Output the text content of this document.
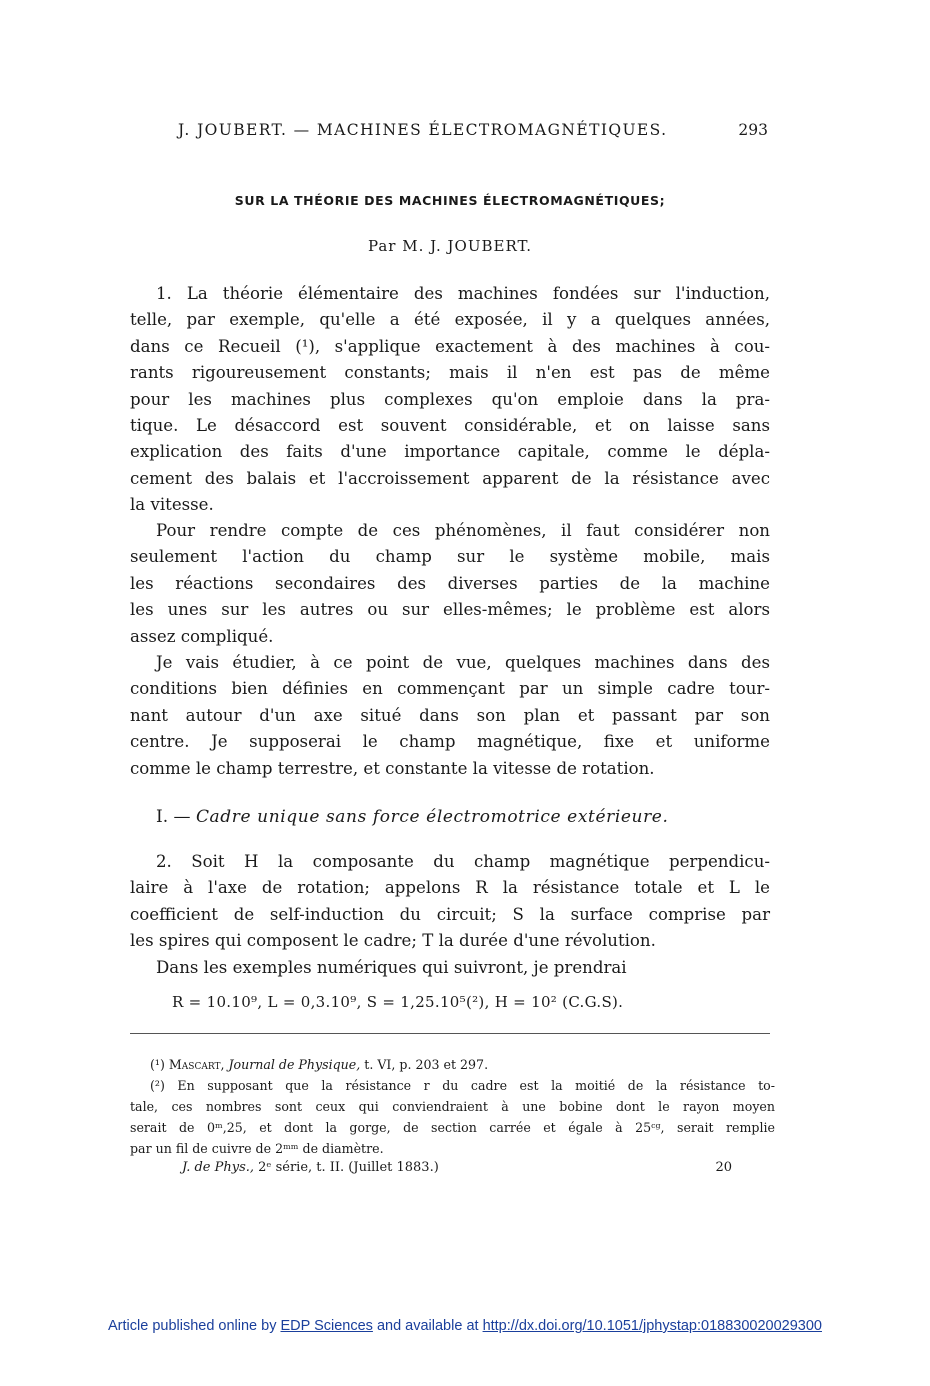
J. JOUBERT. — MACHINES ÉLECTROMAGNÉTIQUES.	293
SUR LA THÉORIE DES MACHINES ÉLECTROMAGNÉTIQUES;
Par M. J. JOUBERT.
1. La théorie élémentaire des machines fondées sur l'induction,
telle, par exemple, qu'elle a été exposée, il y a quelques années,
dans ce Recueil (¹), s'applique exactement à des machines à cou-
rants rigoureusement constants; mais il n'en est pas de même
pour les machines plus complexes qu'on emploie dans la pra-
tique. Le désaccord est souvent considérable, et on laisse sans
explication des faits d'une importance capitale, comme le dépla-
cement des balais et l'accroissement apparent de la résistance avec
la vitesse.
Pour rendre compte de ces phénomènes, il faut considérer non
seulement l'action du champ sur le système mobile, mais
les réactions secondaires des diverses parties de la machine
les unes sur les autres ou sur elles-mêmes; le problème est alors
assez compliqué.
Je vais étudier, à ce point de vue, quelques machines dans des
conditions bien définies en commençant par un simple cadre tour-
nant autour d'un axe situé dans son plan et passant par son
centre. Je supposerai le champ magnétique, fixe et uniforme
comme le champ terrestre, et constante la vitesse de rotation.
I. — Cadre unique sans force électromotrice extérieure.
2. Soit H la composante du champ magnétique perpendicu-
laire à l'axe de rotation; appelons R la résistance totale et L le
coefficient de self-induction du circuit; S la surface comprise par
les spires qui composent le cadre; T la durée d'une révolution.
Dans les exemples numériques qui suivront, je prendrai
R = 10.10⁹, L = 0,3.10⁹, S = 1,25.10⁵(²), H = 10² (C.G.S).
(¹) Mascart, Journal de Physique, t. VI, p. 203 et 297.
(²) En supposant que la résistance r du cadre est la moitié de la résistance to-
tale, ces nombres sont ceux qui conviendraient à une bobine dont le rayon moyen
serait de 0ᵐ,25, et dont la gorge, de section carrée et égale à 25ᶜᵍ, serait remplie
par un fil de cuivre de 2ᵐᵐ de diamètre.
J. de Phys., 2ᵉ série, t. II. (Juillet 1883.)	20
Article published online by EDP Sciences and available at http://dx.doi.org/10.1051/jphystap:018830020029300
